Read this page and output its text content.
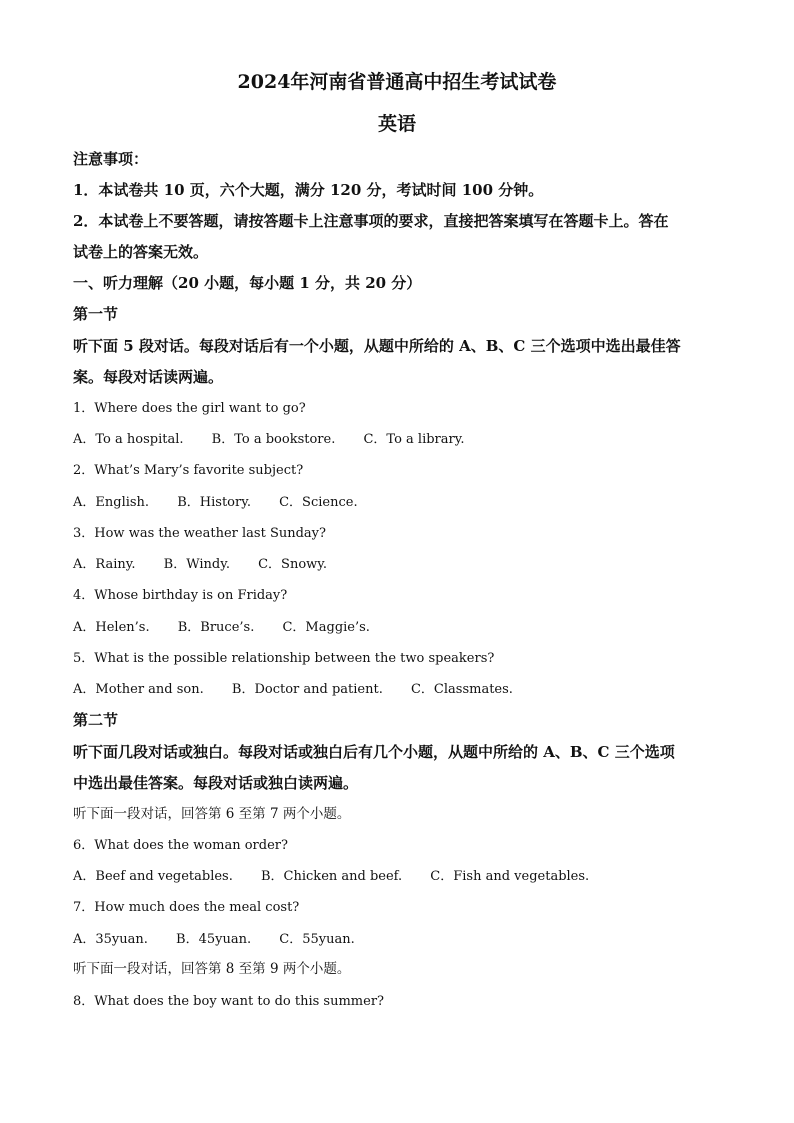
2024年河南省普通高中招生考试试卷
英语
注意事项：
1．本试卷共 10 页，六个大题，满分 120 分，考试时间 100 分钟。
2．本试卷上不要答题，请按答题卡上注意事项的要求，直接把答案填写在答题卡上。答在
试卷上的答案无效。
一、听力理解（20 小题，每小题 1 分，共 20 分）
第一节
听下面 5 段对话。每段对话后有一个小题，从题中所给的 A、B、C 三个选项中选出最佳答
案。每段对话读两遍。
1．Where does the girl want to go?
A．To a hospital. B．To a bookstore. C．To a library.
2．What’s Mary’s favorite subject?
A．English. B．History. C．Science.
3．How was the weather last Sunday?
A．Rainy. B．Windy. C．Snowy.
4．Whose birthday is on Friday?
A．Helen’s. B．Bruce’s. C．Maggie’s.
5．What is the possible relationship between the two speakers?
A．Mother and son. B．Doctor and patient. C．Classmates.
第二节
听下面几段对话或独白。每段对话或独白后有几个小题，从题中所给的 A、B、C 三个选项
中选出最佳答案。每段对话或独白读两遍。
听下面一段对话，回答第 6 至第 7 两个小题。
6．What does the woman order?
A．Beef and vegetables. B．Chicken and beef. C．Fish and vegetables.
7．How much does the meal cost?
A．35yuan. B．45yuan. C．55yuan.
听下面一段对话，回答第 8 至第 9 两个小题。
8．What does the boy want to do this summer?
